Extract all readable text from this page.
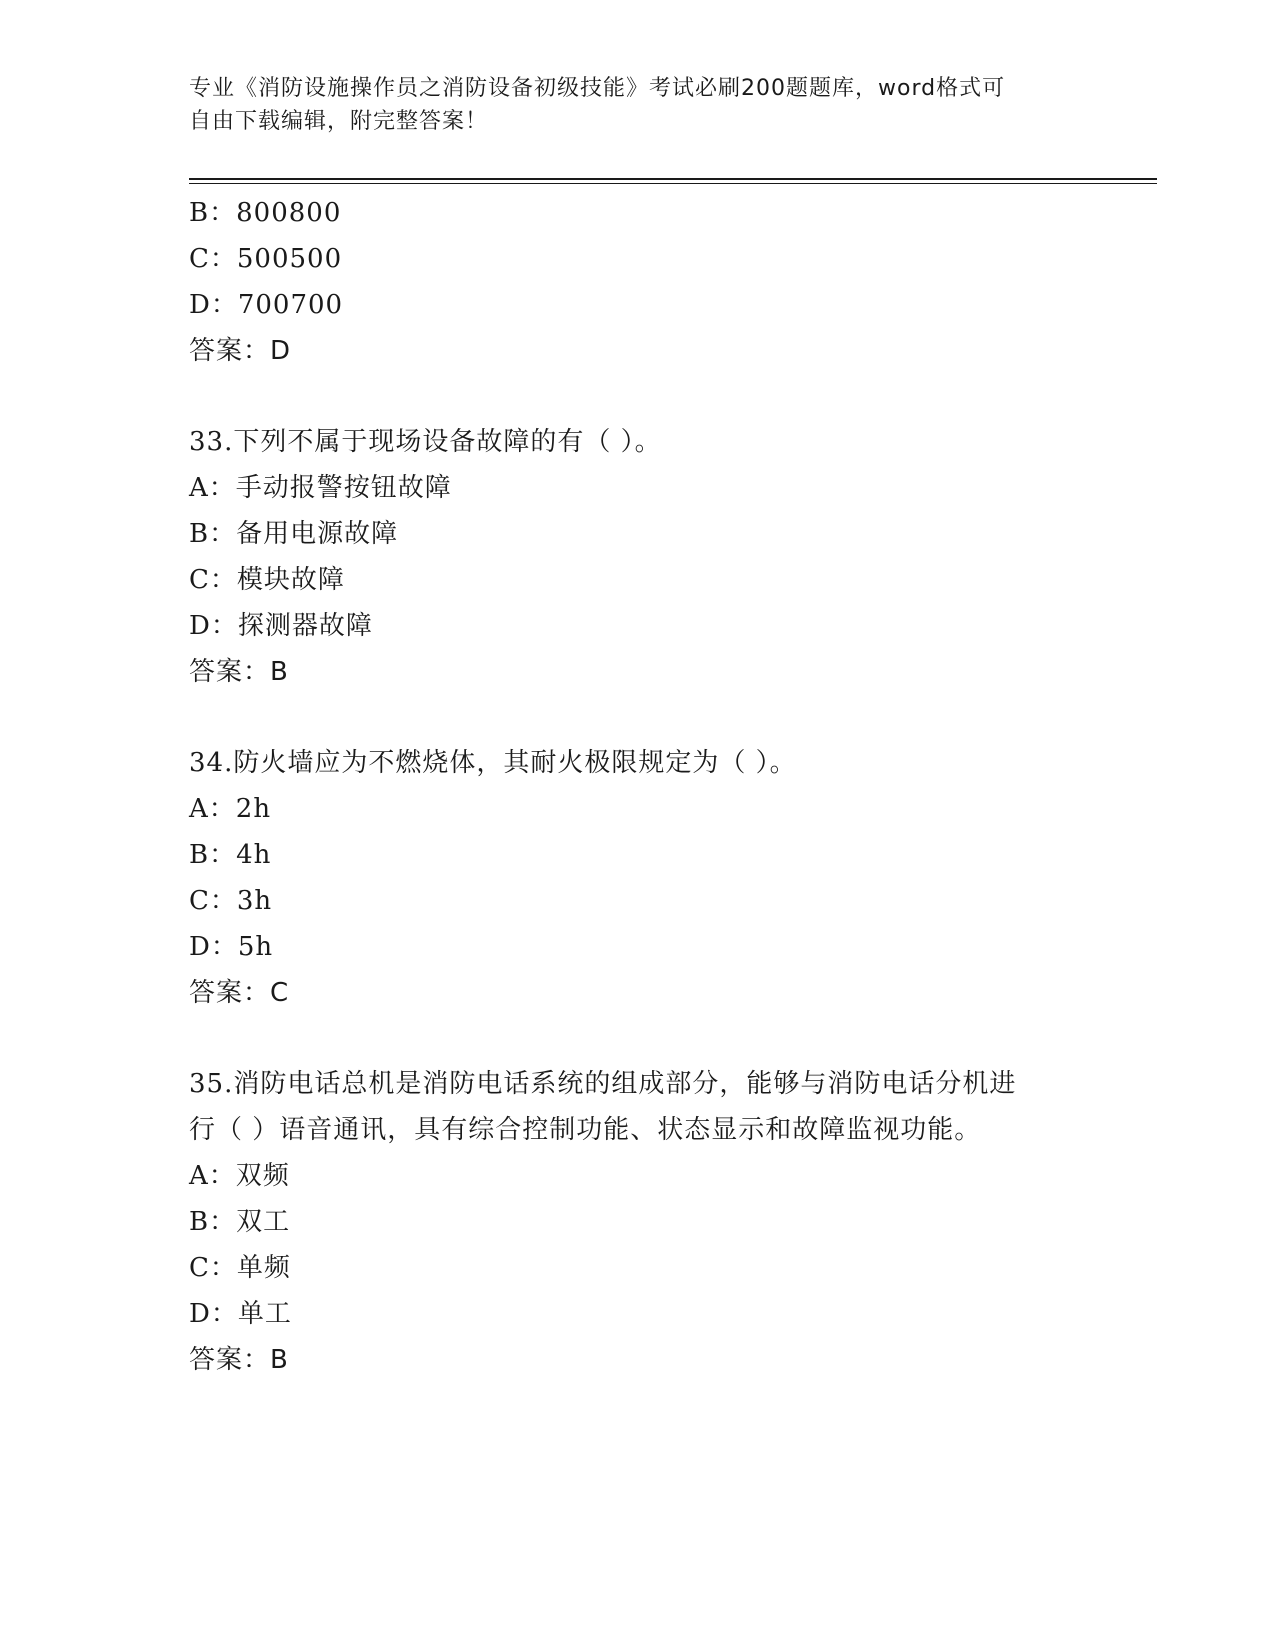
专业《消防设施操作员之消防设备初级技能》考试必刷200题题库，word格式可
自由下载编辑，附完整答案！
B：800800
C：500500
D：700700
答案：D
33.下列不属于现场设备故障的有（ ）。
A：手动报警按钮故障
B：备用电源故障
C：模块故障
D：探测器故障
答案：B
34.防火墙应为不燃烧体，其耐火极限规定为（ ）。
A：2h
B：4h
C：3h
D：5h
答案：C
35.消防电话总机是消防电话系统的组成部分，能够与消防电话分机进
行（ ）语音通讯，具有综合控制功能、状态显示和故障监视功能。
A：双频
B：双工
C：单频
D：单工
答案：B
